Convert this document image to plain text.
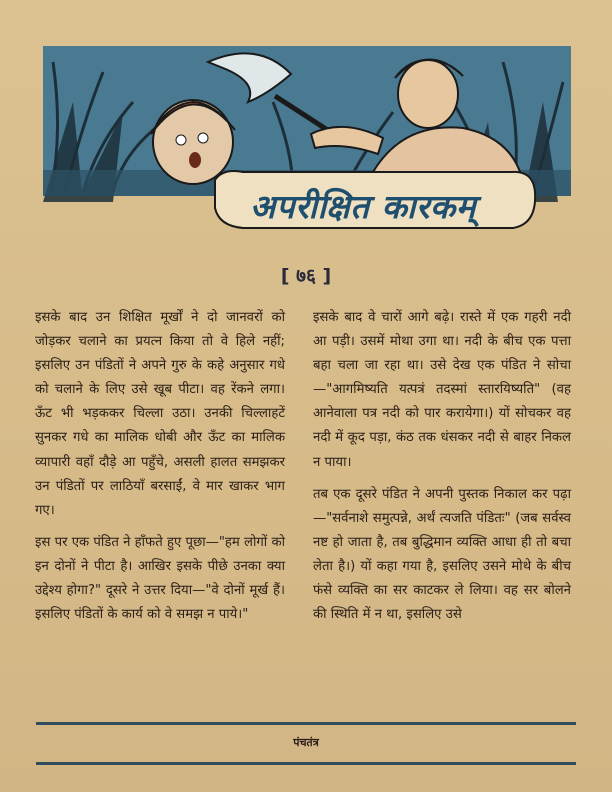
अपरीक्षित कारकम्
[ ७६ ]

इसके बाद उन शिक्षित मूर्खों ने दो जानवरों को जोड़कर चलाने का प्रयत्न किया तो वे हिले नहीं; इसलिए उन पंडितों ने अपने गुरु के कहे अनुसार गधे को चलाने के लिए उसे खूब पीटा। वह रेंकने लगा। ऊँट भी भड़ककर चिल्ला उठा। उनकी चिल्लाहटें सुनकर गधे का मालिक धोबी और ऊँट का मालिक व्यापारी वहाँ दौड़े आ पहुँचे, असली हालत समझकर उन पंडितों पर लाठियाँ बरसाईं, वे मार खाकर भाग गए।

इस पर एक पंडित ने हाँफते हुए पूछा—"हम लोगों को इन दोनों ने पीटा है। आखिर इसके पीछे उनका क्या उद्देश्य होगा?" दूसरे ने उत्तर दिया—"वे दोनों मूर्ख हैं। इसलिए पंडितों के कार्य को वे समझ न पाये।"

इसके बाद वे चारों आगे बढ़े। रास्ते में एक गहरी नदी आ पड़ी। उसमें मोथा उगा था। नदी के बीच एक पत्ता बहा चला जा रहा था। उसे देख एक पंडित ने सोचा—"आगमिष्यति यत्पत्रं तदस्मां स्तारयिष्यति" (वह आनेवाला पत्र नदी को पार करायेगा।) यों सोचकर वह नदी में कूद पड़ा, कंठ तक धंसकर नदी से बाहर निकल न पाया।

तब एक दूसरे पंडित ने अपनी पुस्तक निकाल कर पढ़ा—"सर्वनाशे समुत्पन्ने, अर्थं त्यजति पंडितः" (जब सर्वस्व नष्ट हो जाता है, तब बुद्धिमान व्यक्ति आधा ही तो बचा लेता है।) यों कहा गया है, इसलिए उसने मोथे के बीच फंसे व्यक्ति का सर काटकर ले लिया। वह सर बोलने की स्थिति में न था, इसलिए उसे

पंचतंत्र
